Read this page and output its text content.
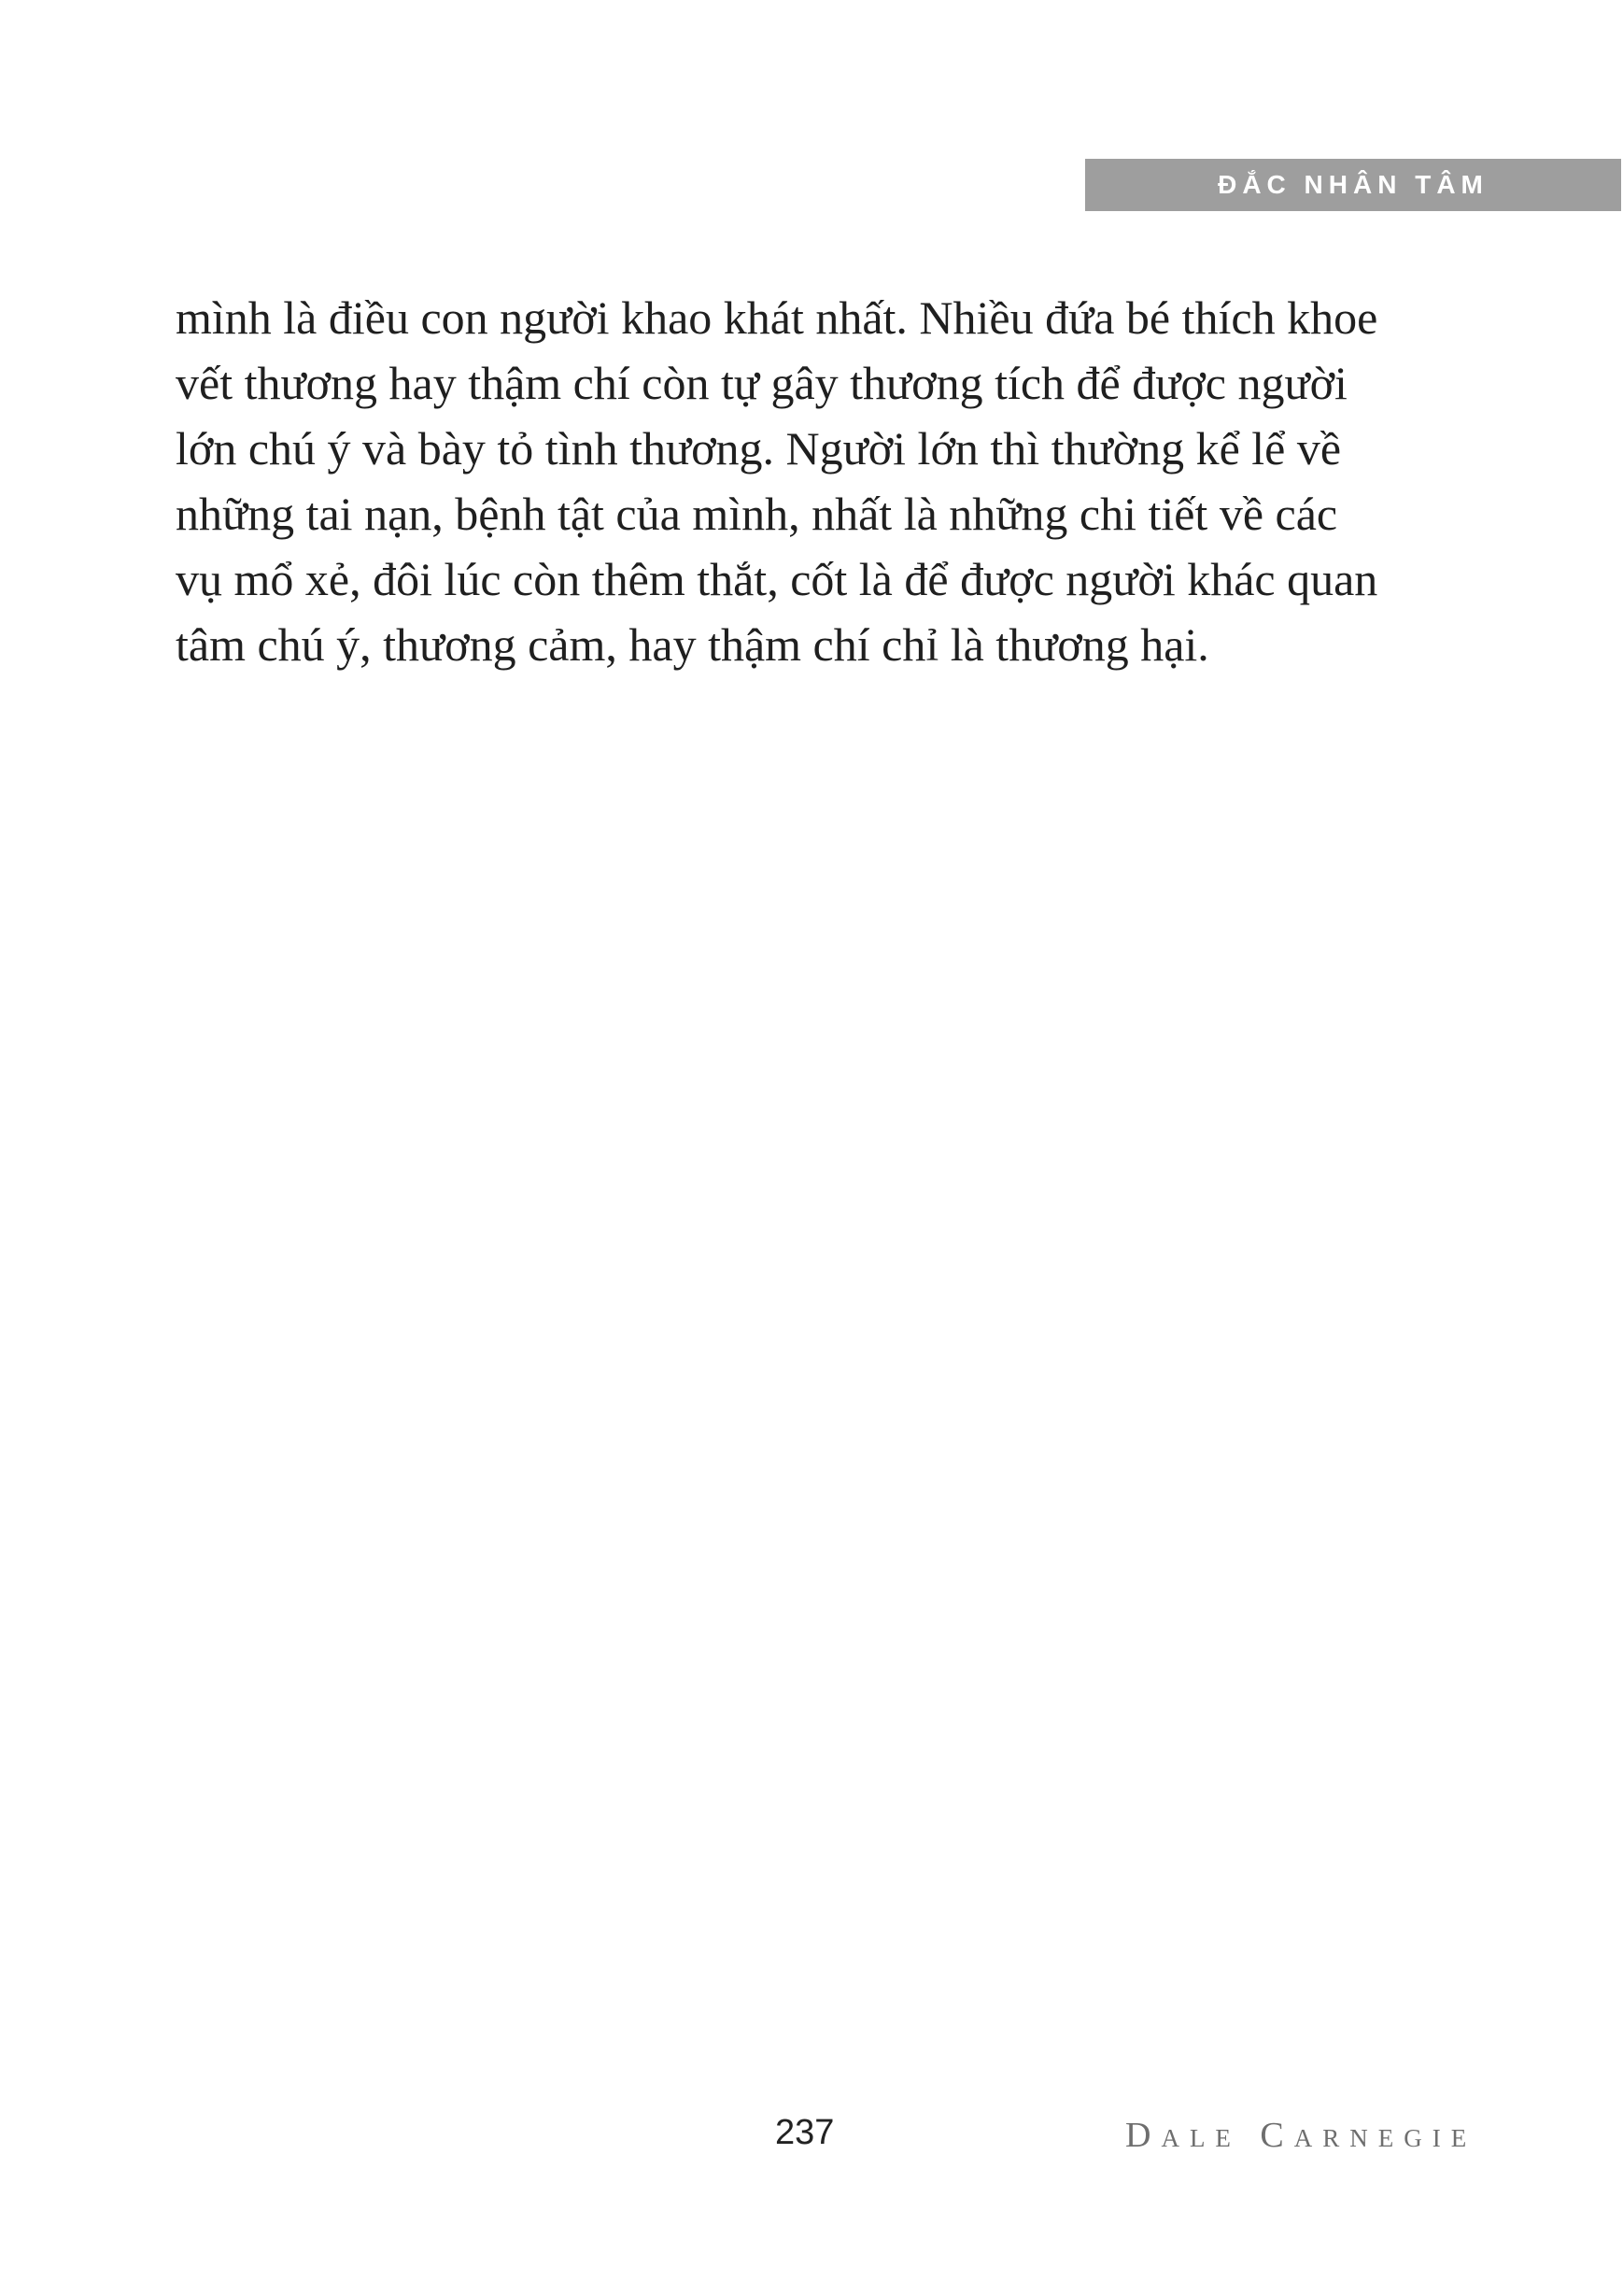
ĐẮC NHÂN TÂM

mình là điều con người khao khát nhất. Nhiều đứa bé thích khoe
vết thương hay thậm chí còn tự gây thương tích để được người
lớn chú ý và bày tỏ tình thương. Người lớn thì thường kể lể về
những tai nạn, bệnh tật của mình, nhất là những chi tiết về các
vụ mổ xẻ, đôi lúc còn thêm thắt, cốt là để được người khác quan
tâm chú ý, thương cảm, hay thậm chí chỉ là thương hại.

237	Dale Carnegie
